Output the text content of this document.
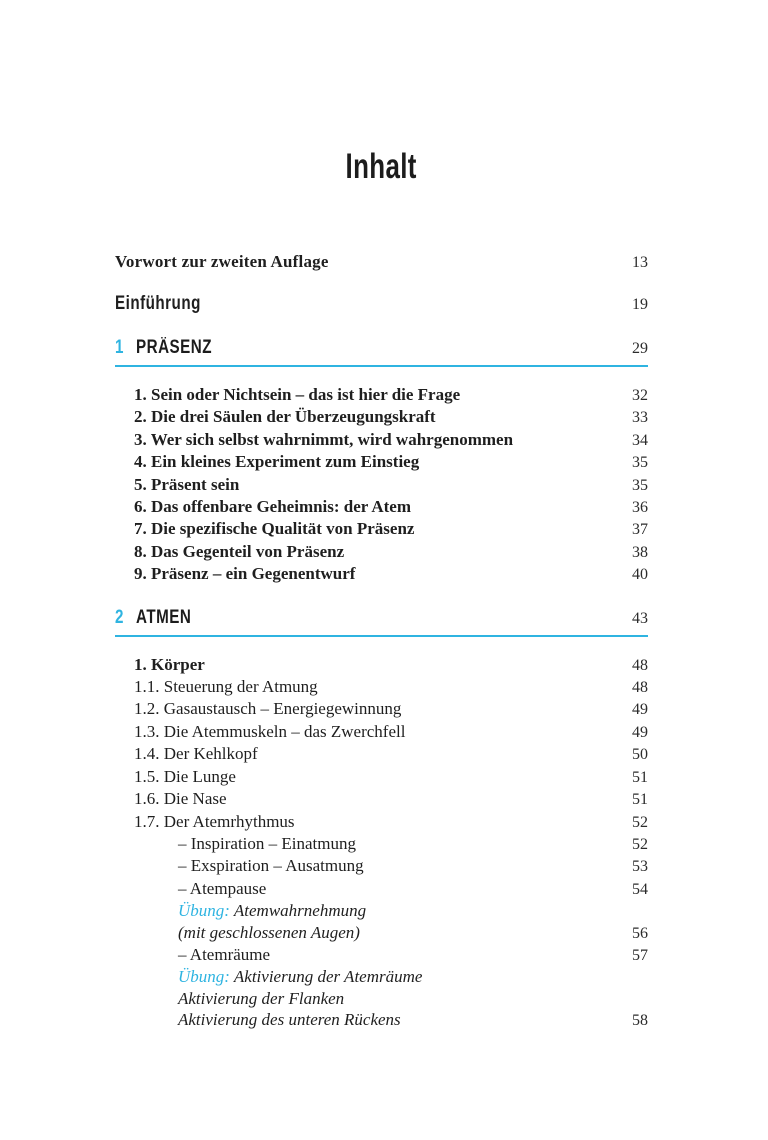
Inhalt
Vorwort zur zweiten Auflage	13
Einführung	19
1 PRÄSENZ	29
1. Sein oder Nichtsein – das ist hier die Frage	32
2. Die drei Säulen der Überzeugungskraft	33
3. Wer sich selbst wahrnimmt, wird wahrgenommen	34
4. Ein kleines Experiment zum Einstieg	35
5. Präsent sein	35
6. Das offenbare Geheimnis: der Atem	36
7. Die spezifische Qualität von Präsenz	37
8. Das Gegenteil von Präsenz	38
9. Präsenz – ein Gegenentwurf	40
2 ATMEN	43
1. Körper	48
1.1. Steuerung der Atmung	48
1.2. Gasaustausch – Energiegewinnung	49
1.3. Die Atemmuskeln – das Zwerchfell	49
1.4. Der Kehlkopf	50
1.5. Die Lunge	51
1.6. Die Nase	51
1.7. Der Atemrhythmus	52
– Inspiration – Einatmung	52
– Exspiration – Ausatmung	53
– Atempause	54
Übung: Atemwahrnehmung
(mit geschlossenen Augen)	56
– Atemräume	57
Übung: Aktivierung der Atemräume
Aktivierung der Flanken
Aktivierung des unteren Rückens	58
